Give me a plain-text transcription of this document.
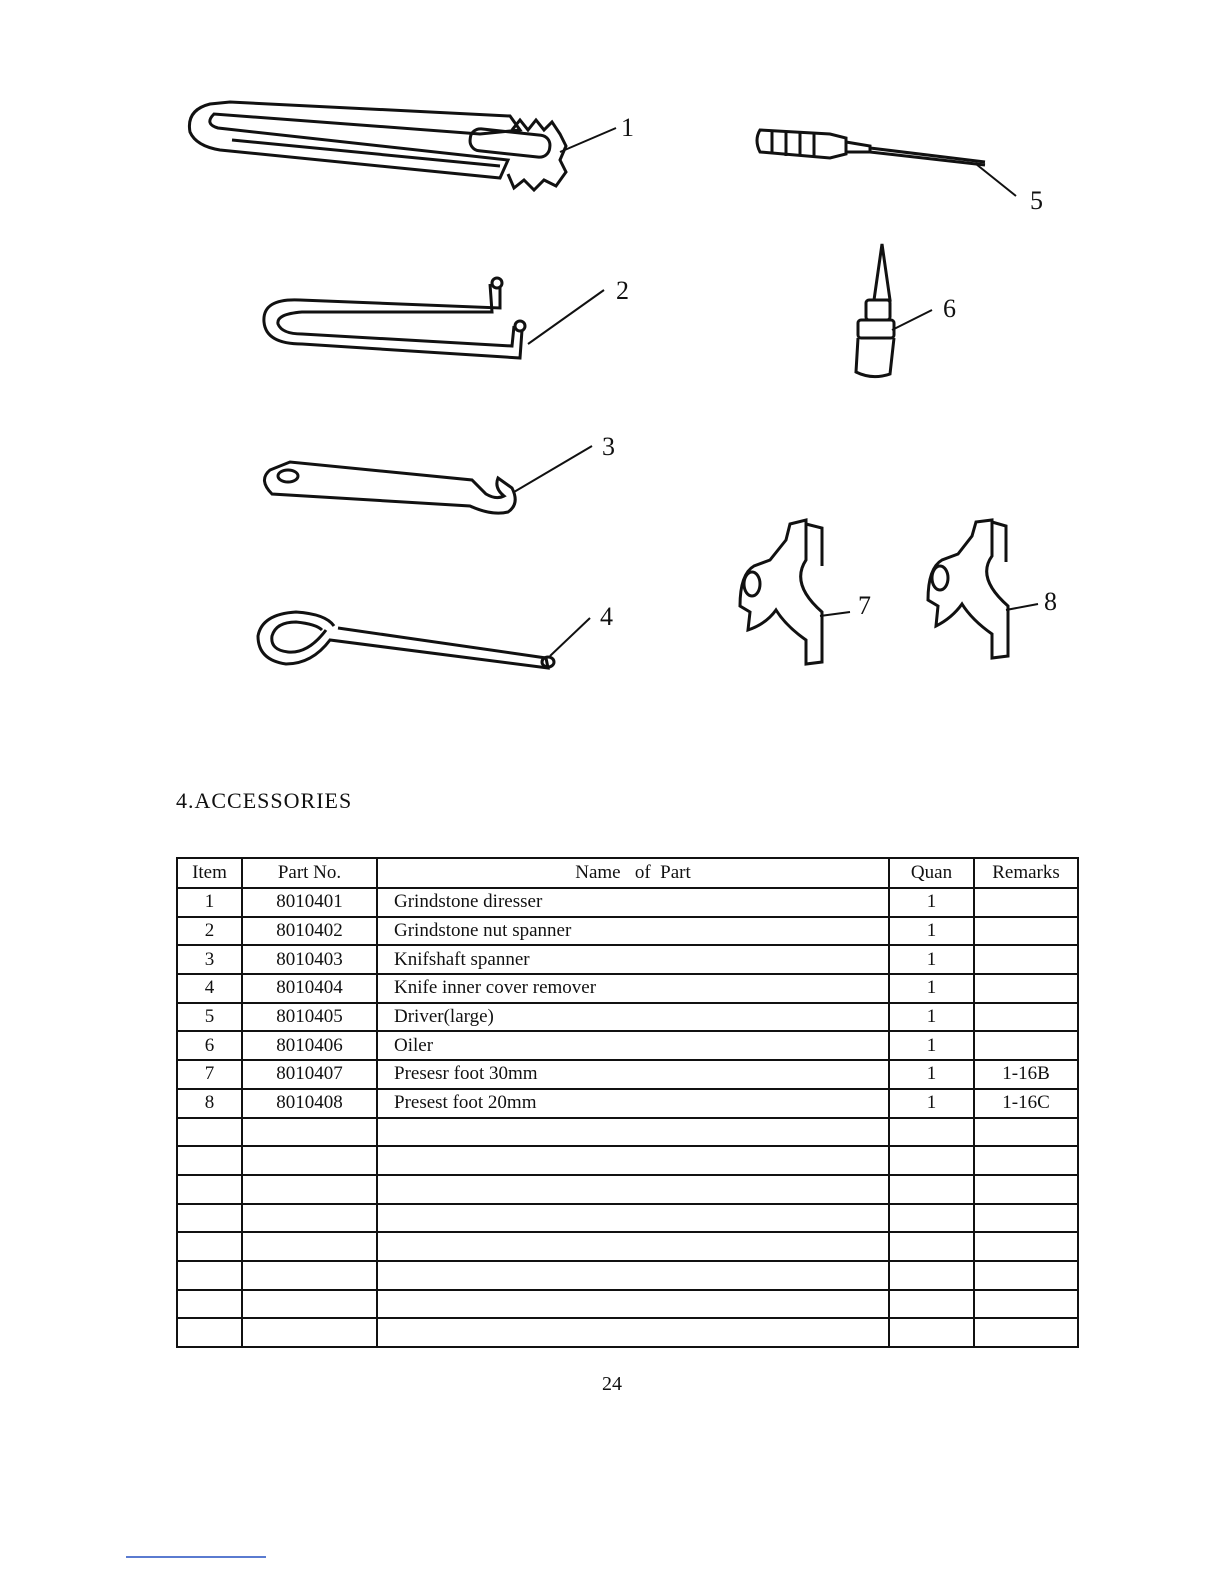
1
2
3
4
5
6
7	8
4.ACCESSORIES
Item	Part No.	Name   of  Part	Quan	Remarks
1	8010401	Grindstone diresser	1	
2	8010402	Grindstone nut spanner	1	
3	8010403	Knifshaft spanner	1	
4	8010404	Knife inner cover remover	1	
5	8010405	Driver(large)	1	
6	8010406	Oiler	1	
7	8010407	Presesr foot 30mm	1	1-16B
8	8010408	Presest foot 20mm	1	1-16C

24
